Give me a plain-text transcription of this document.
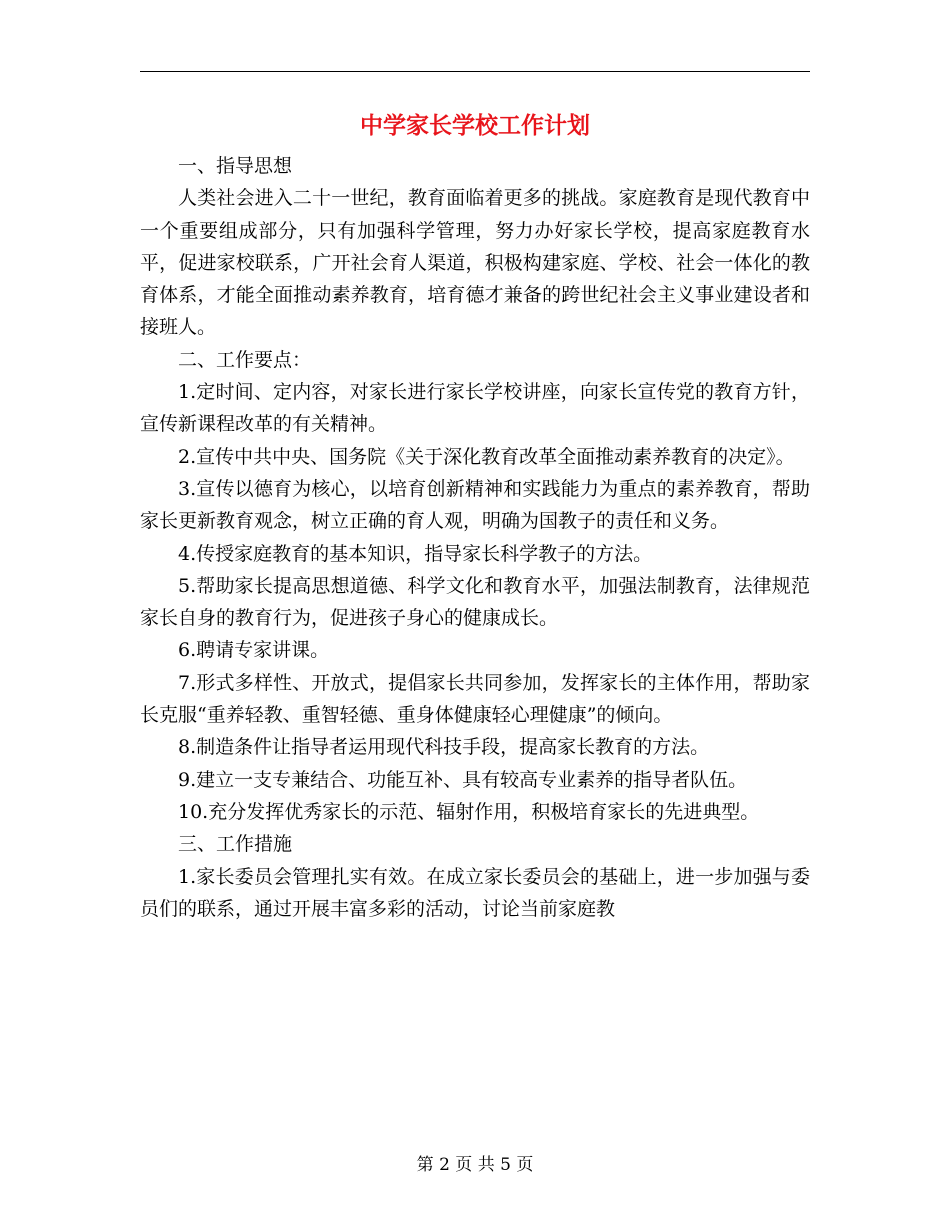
中学家长学校工作计划

一、指导思想

人类社会进入二十一世纪，教育面临着更多的挑战。家庭教育是现代教育中一个重要组成部分，只有加强科学管理，努力办好家长学校，提高家庭教育水平，促进家校联系，广开社会育人渠道，积极构建家庭、学校、社会一体化的教育体系，才能全面推动素养教育，培育德才兼备的跨世纪社会主义事业建设者和接班人。

二、工作要点：

1.定时间、定内容，对家长进行家长学校讲座，向家长宣传党的教育方针，宣传新课程改革的有关精神。

2.宣传中共中央、国务院《关于深化教育改革全面推动素养教育的决定》。

3.宣传以德育为核心，以培育创新精神和实践能力为重点的素养教育，帮助家长更新教育观念，树立正确的育人观，明确为国教子的责任和义务。

4.传授家庭教育的基本知识，指导家长科学教子的方法。

5.帮助家长提高思想道德、科学文化和教育水平，加强法制教育，法律规范家长自身的教育行为，促进孩子身心的健康成长。

6.聘请专家讲课。

7.形式多样性、开放式，提倡家长共同参加，发挥家长的主体作用，帮助家长克服“重养轻教、重智轻德、重身体健康轻心理健康”的倾向。

8.制造条件让指导者运用现代科技手段，提高家长教育的方法。

9.建立一支专兼结合、功能互补、具有较高专业素养的指导者队伍。

10.充分发挥优秀家长的示范、辐射作用，积极培育家长的先进典型。

三、工作措施

1.家长委员会管理扎实有效。在成立家长委员会的基础上，进一步加强与委员们的联系，通过开展丰富多彩的活动，讨论当前家庭教

第 2 页 共 5 页
